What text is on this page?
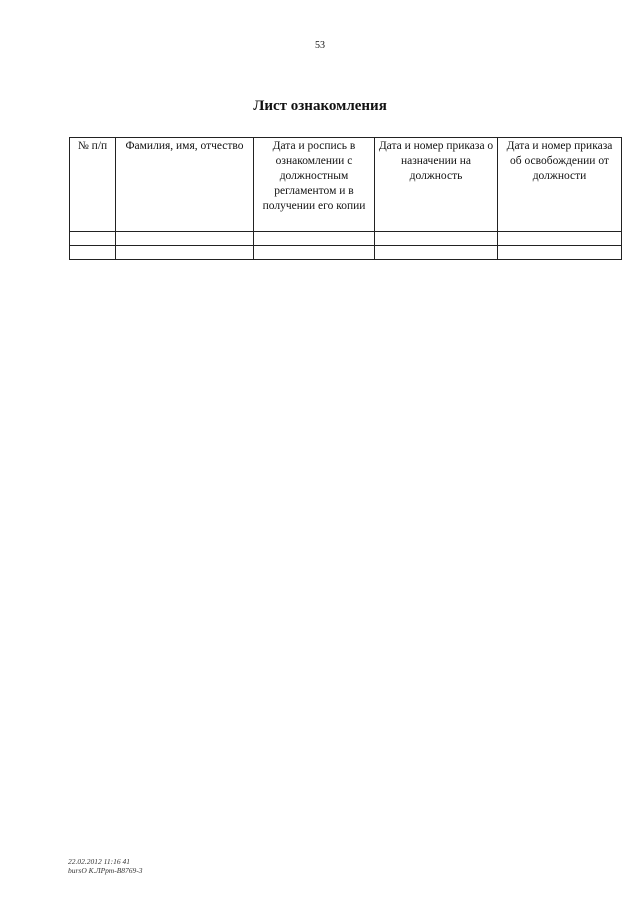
53
Лист ознакомления
№ п/п	Фамилия, имя, отчество	Дата и роспись в ознакомлении с должностным регламентом и в получении его копии	Дата и номер приказа о назначении на должность	Дата и номер приказа об освобождении от должности

22.02.2012 11:16 41
bursO К.ЛРрт-В8769-3
